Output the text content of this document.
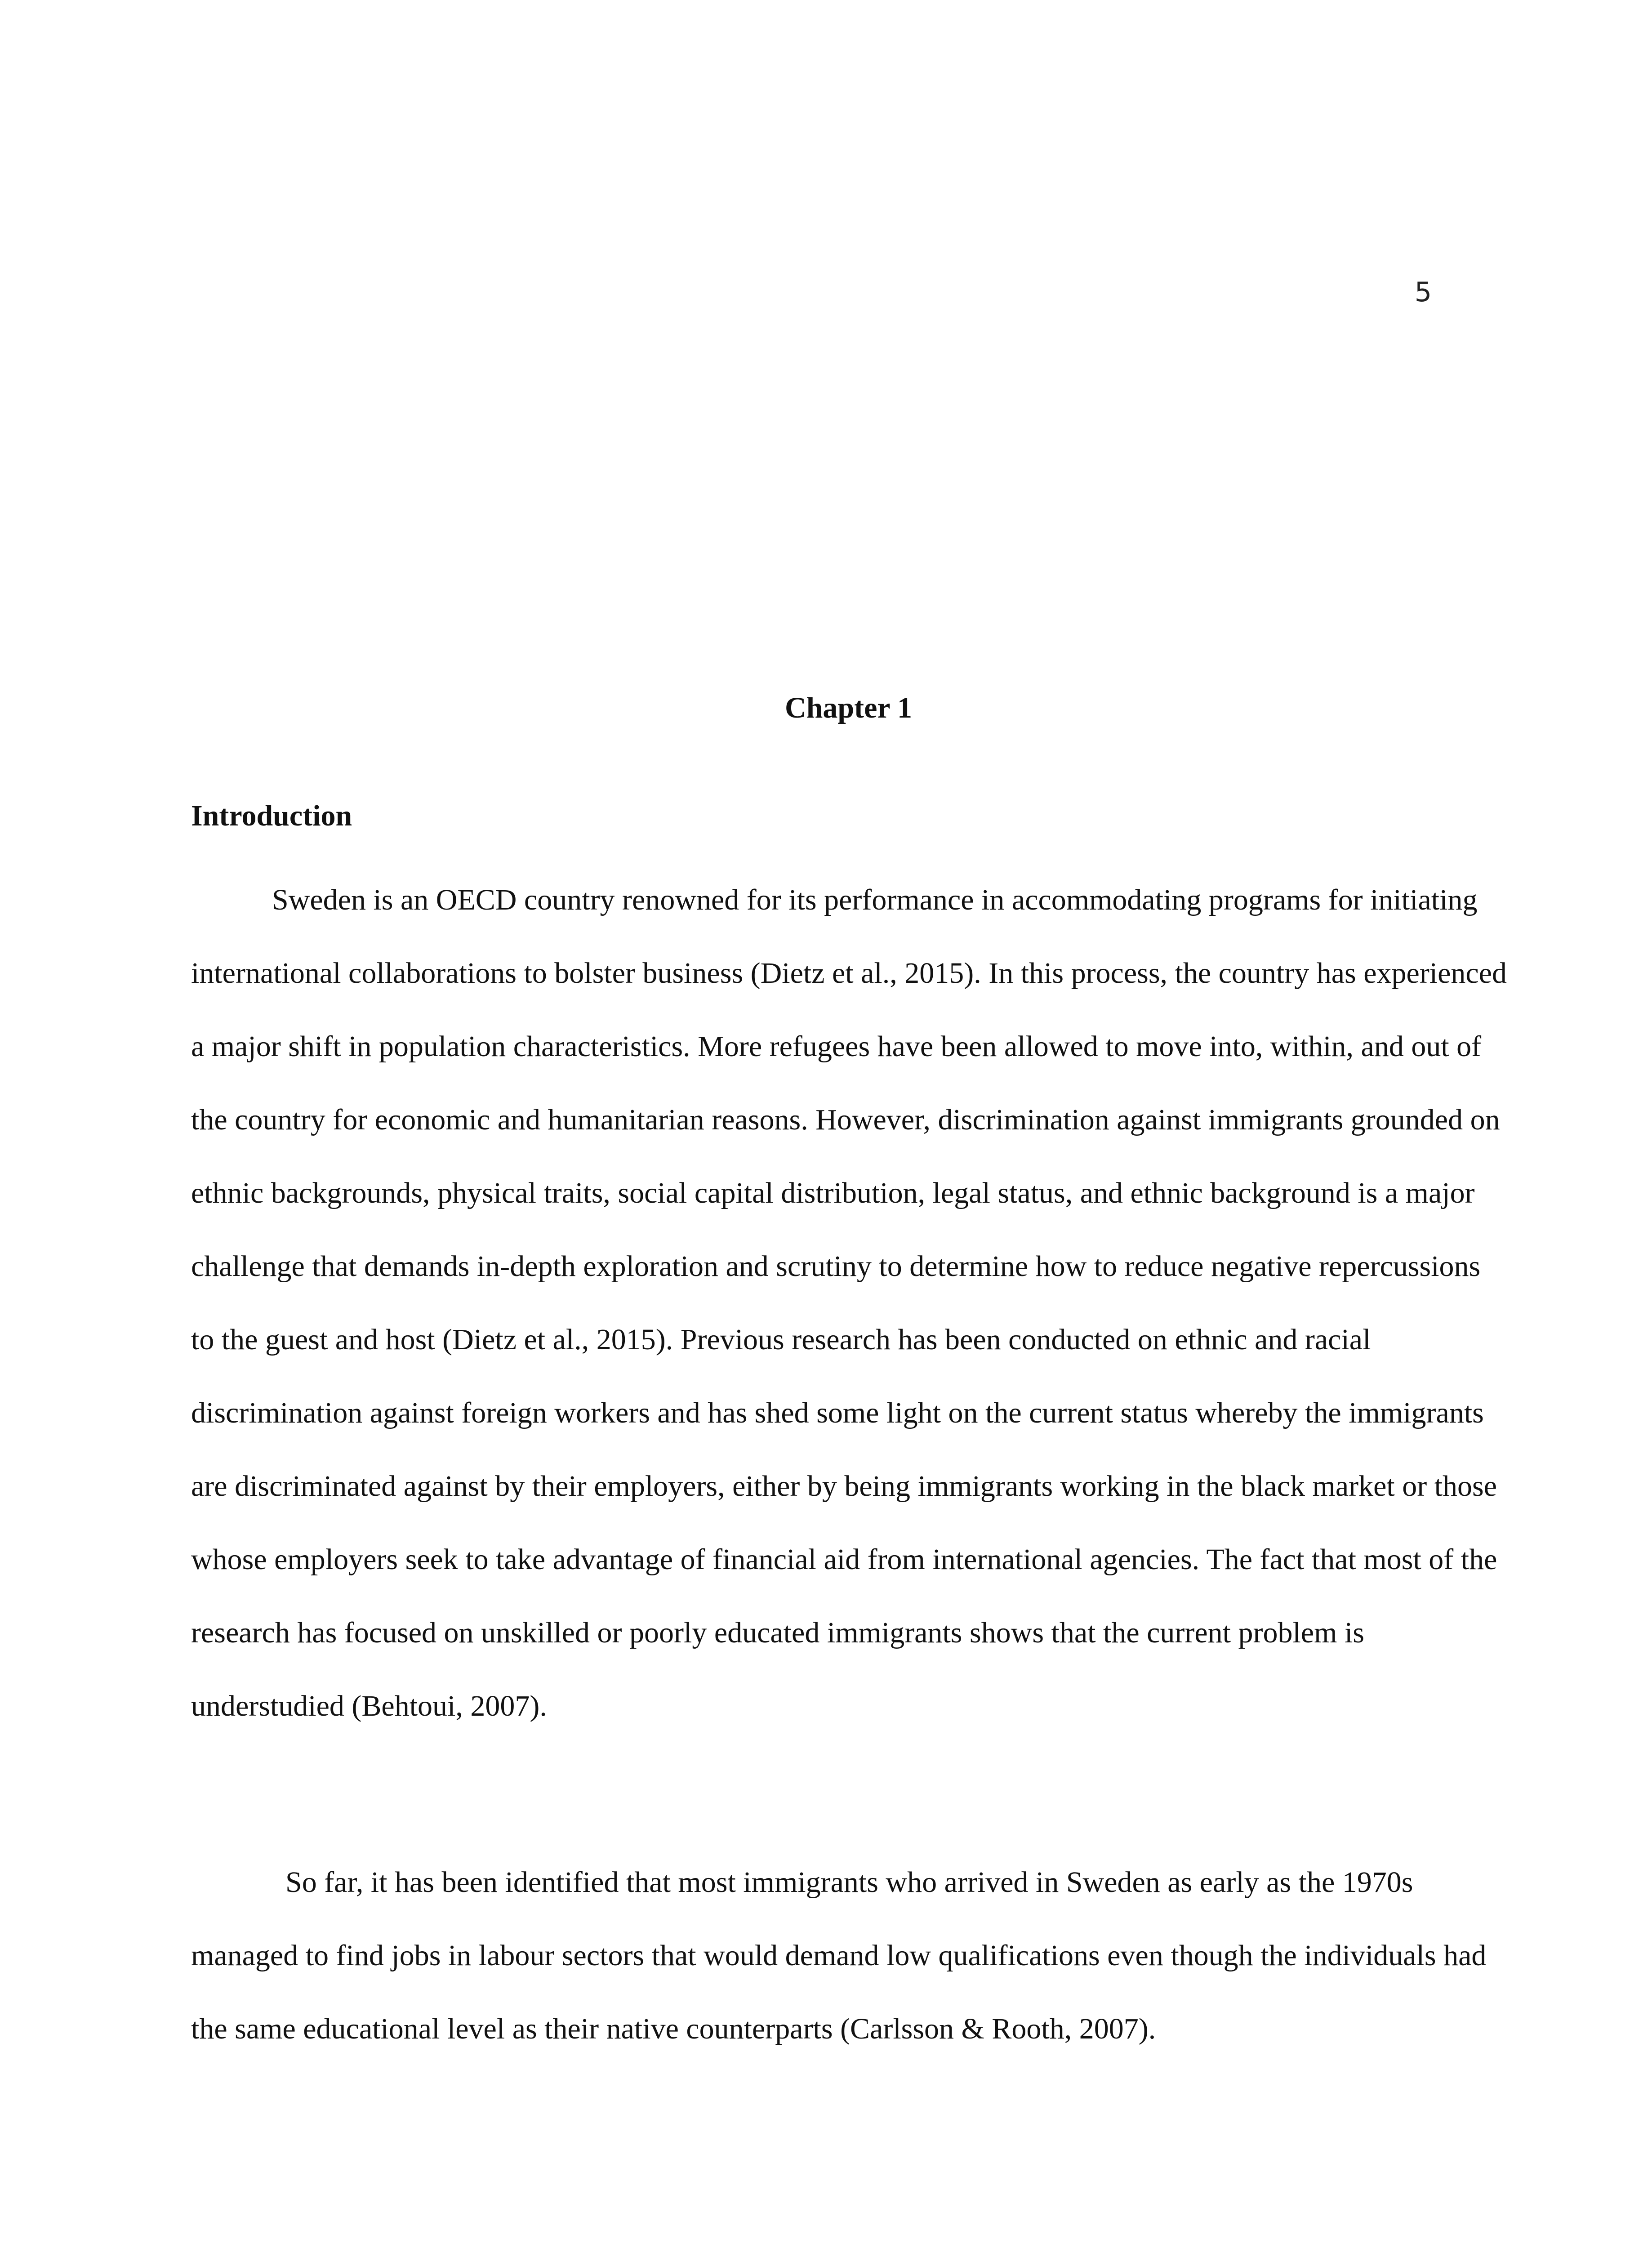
5
Chapter 1
Introduction

Sweden is an OECD country renowned for its performance in accommodating programs for initiating international collaborations to bolster business (Dietz et al., 2015). In this process, the country has experienced a major shift in population characteristics. More refugees have been allowed to move into, within, and out of the country for economic and humanitarian reasons. However, discrimination against immigrants grounded on ethnic backgrounds, physical traits, social capital distribution, legal status, and ethnic background is a major challenge that demands in-depth exploration and scrutiny to determine how to reduce negative repercussions to the guest and host (Dietz et al., 2015). Previous research has been conducted on ethnic and racial discrimination against foreign workers and has shed some light on the current status whereby the immigrants are discriminated against by their employers, either by being immigrants working in the black market or those whose employers seek to take advantage of financial aid from international agencies. The fact that most of the research has focused on unskilled or poorly educated immigrants shows that the current problem is understudied (Behtoui, 2007).

So far, it has been identified that most immigrants who arrived in Sweden as early as the 1970s managed to find jobs in labour sectors that would demand low qualifications even though the individuals had the same educational level as their native counterparts (Carlsson & Rooth, 2007).
